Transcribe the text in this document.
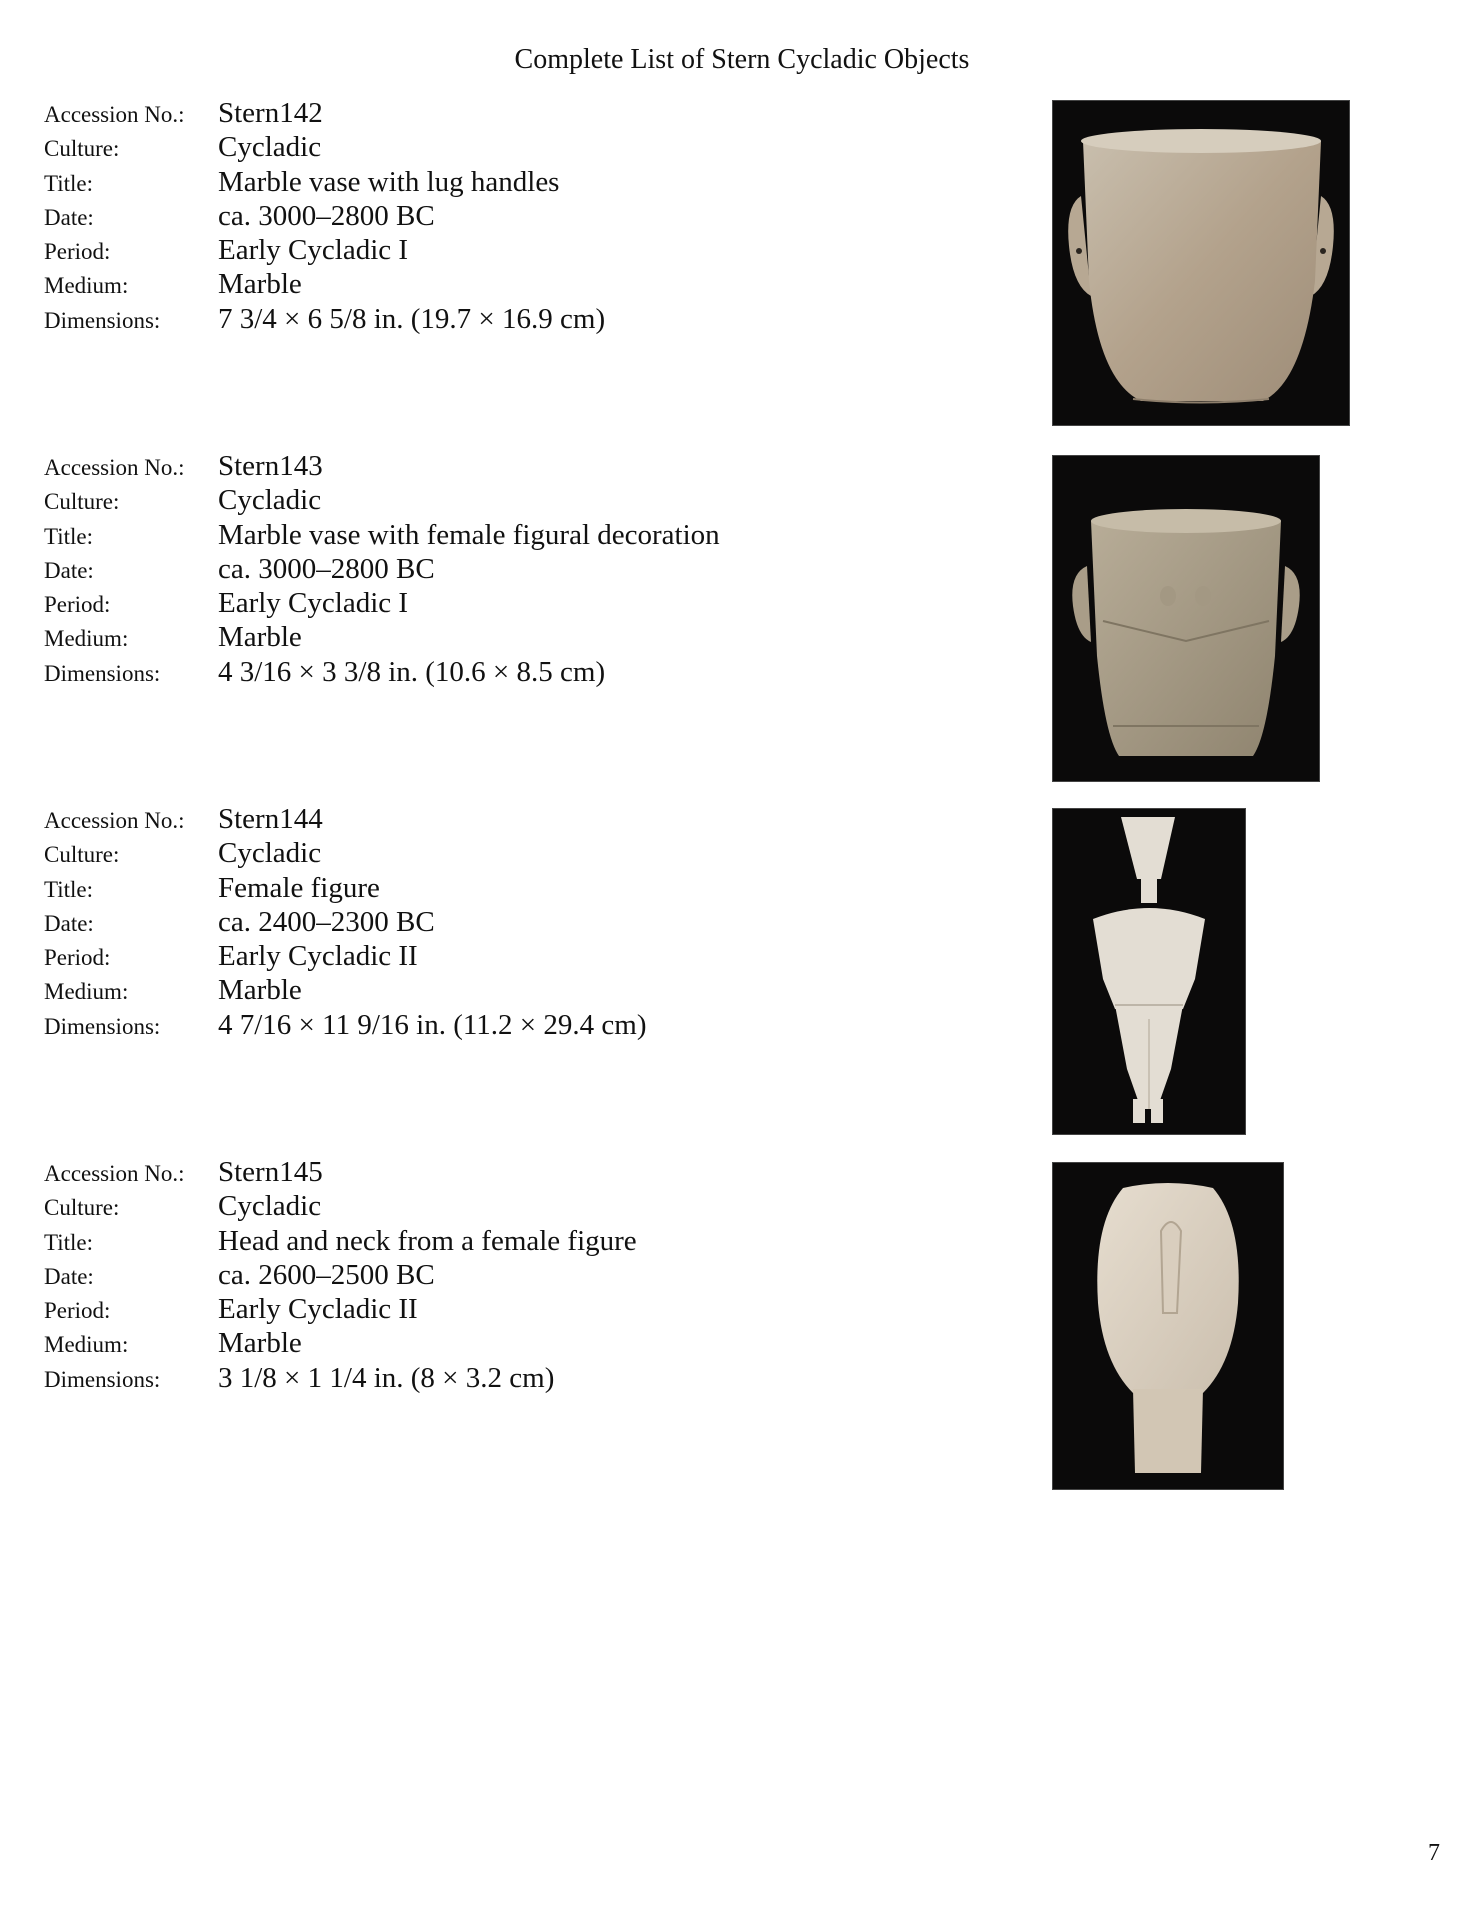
Complete List of Stern Cycladic Objects
Accession No.: Stern142
Culture:	Cycladic
Title:	Marble vase with lug handles
Date:	ca. 3000–2800 BC
Period:	Early Cycladic I
Medium:	Marble
Dimensions: 7 3/4 × 6 5/8 in. (19.7 × 16.9 cm)
Accession No.: Stern143
Culture:	Cycladic
Title:	Marble vase with female figural decoration
Date:	ca. 3000–2800 BC
Period:	Early Cycladic I
Medium:	Marble
Dimensions: 4 3/16 × 3 3/8 in. (10.6 × 8.5 cm)
Accession No.: Stern144
Culture:	Cycladic
Title:	Female figure
Date:	ca. 2400–2300 BC
Period:	Early Cycladic II
Medium:	Marble
Dimensions: 4 7/16 × 11 9/16 in. (11.2 × 29.4 cm)
Accession No.: Stern145
Culture:	Cycladic
Title:	Head and neck from a female figure
Date:	ca. 2600–2500 BC
Period:	Early Cycladic II
Medium:	Marble
Dimensions: 3 1/8 × 1 1/4 in. (8 × 3.2 cm)
7
